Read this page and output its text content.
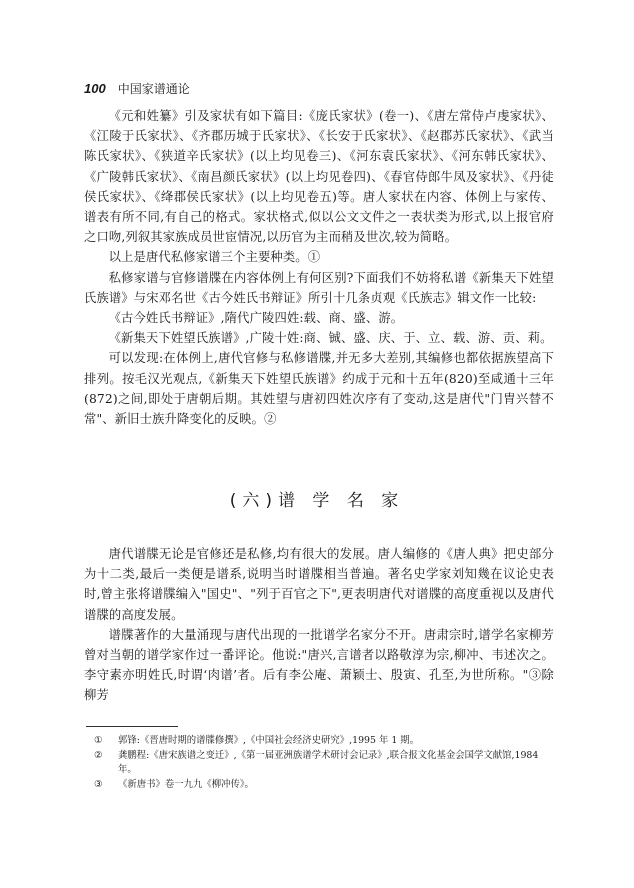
100 中国家谱通论

《元和姓纂》引及家状有如下篇目:《庞氏家状》(卷一)、《唐左常侍卢虔家状》、《江陵于氏家状》、《齐郡历城于氏家状》、《长安于氏家状》、《赵郡苏氏家状》、《武当陈氏家状》、《狭道辛氏家状》(以上均见卷三)、《河东袁氏家状》、《河东韩氏家状》、《广陵韩氏家状》、《南昌颜氏家状》(以上均见卷四)、《春官侍郎牛凤及家状》、《丹徒侯氏家状》、《绛郡侯氏家状》(以上均见卷五)等。唐人家状在内容、体例上与家传、谱表有所不同,有自己的格式。家状格式,似以公文文件之一表状类为形式,以上报官府之口吻,列叙其家族成员世宦情况,以历官为主而稍及世次,较为简略。

以上是唐代私修家谱三个主要种类。①

私修家谱与官修谱牒在内容体例上有何区别?下面我们不妨将私谱《新集天下姓望氏族谱》与宋邓名世《古今姓氏书辩证》所引十几条贞观《氏族志》辑文作一比较:

《古今姓氏书辩证》,隋代广陵四姓:载、商、盛、游。

《新集天下姓望氏族谱》,广陵十姓:商、铖、盛、庆、于、立、载、游、贡、莉。

可以发现:在体例上,唐代官修与私修谱牒,并无多大差别,其编修也都依据族望高下排列。按毛汉光观点,《新集天下姓望氏族谱》约成于元和十五年(820)至咸通十三年(872)之间,即处于唐朝后期。其姓望与唐初四姓次序有了变动,这是唐代"门胄兴替不常"、新旧士族升降变化的反映。②

(六)谱 学 名 家

唐代谱牒无论是官修还是私修,均有很大的发展。唐人编修的《唐人典》把史部分为十二类,最后一类便是谱系,说明当时谱牒相当普遍。著名史学家刘知幾在议论史表时,曾主张将谱牒编入"国史"、"列于百官之下",更表明唐代对谱牒的高度重视以及唐代谱牒的高度发展。

谱牒著作的大量涌现与唐代出现的一批谱学名家分不开。唐肃宗时,谱学名家柳芳曾对当朝的谱学家作过一番评论。他说:"唐兴,言谱者以路敬淳为宗,柳冲、韦述次之。李守素亦明姓氏,时谓‘肉谱’者。后有李公庵、萧颖士、殷寅、孔至,为世所称。"③除柳芳

①	郭锋:《晋唐时期的谱牒修撰》,《中国社会经济史研究》,1995 年 1 期。

②	龚鹏程:《唐宋族谱之变迁》,《第一届亚洲族谱学术研讨会记录》,联合报文化基金会国学文献馆,1984 年。

③	《新唐书》卷一九九《柳冲传》。
